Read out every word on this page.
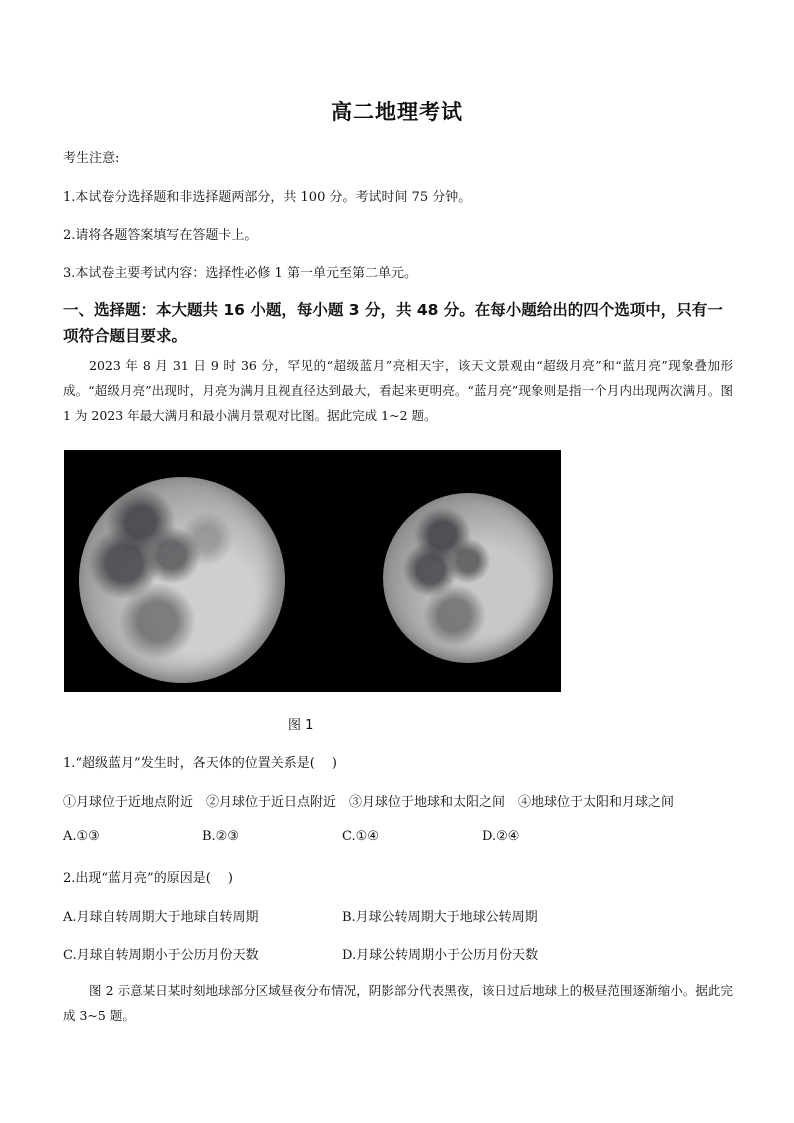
高二地理考试
考生注意:
1.本试卷分选择题和非选择题两部分，共 100 分。考试时间 75 分钟。
2.请将各题答案填写在答题卡上。
3.本试卷主要考试内容：选择性必修 1 第一单元至第二单元。
一、选择题：本大题共 16 小题，每小题 3 分，共 48 分。在每小题给出的四个选项中，只有一项符合题目要求。
2023 年 8 月 31 日 9 时 36 分，罕见的“超级蓝月”亮相天宇，该天文景观由“超级月亮”和“蓝月亮”现象叠加形成。“超级月亮”出现时，月亮为满月且视直径达到最大，看起来更明亮。“蓝月亮”现象则是指一个月内出现两次满月。图 1 为 2023 年最大满月和最小满月景观对比图。据此完成 1~2 题。
图 1
1.“超级蓝月”发生时，各天体的位置关系是(　 )
①月球位于近地点附近　②月球位于近日点附近　③月球位于地球和太阳之间　④地球位于太阳和月球之间
A.①③	B.②③	C.①④	D.②④
2.出现“蓝月亮”的原因是(　 )
A.月球自转周期大于地球自转周期	B.月球公转周期大于地球公转周期
C.月球自转周期小于公历月份天数	D.月球公转周期小于公历月份天数
图 2 示意某日某时刻地球部分区域昼夜分布情况，阴影部分代表黑夜，该日过后地球上的极昼范围逐渐缩小。据此完成 3~5 题。
